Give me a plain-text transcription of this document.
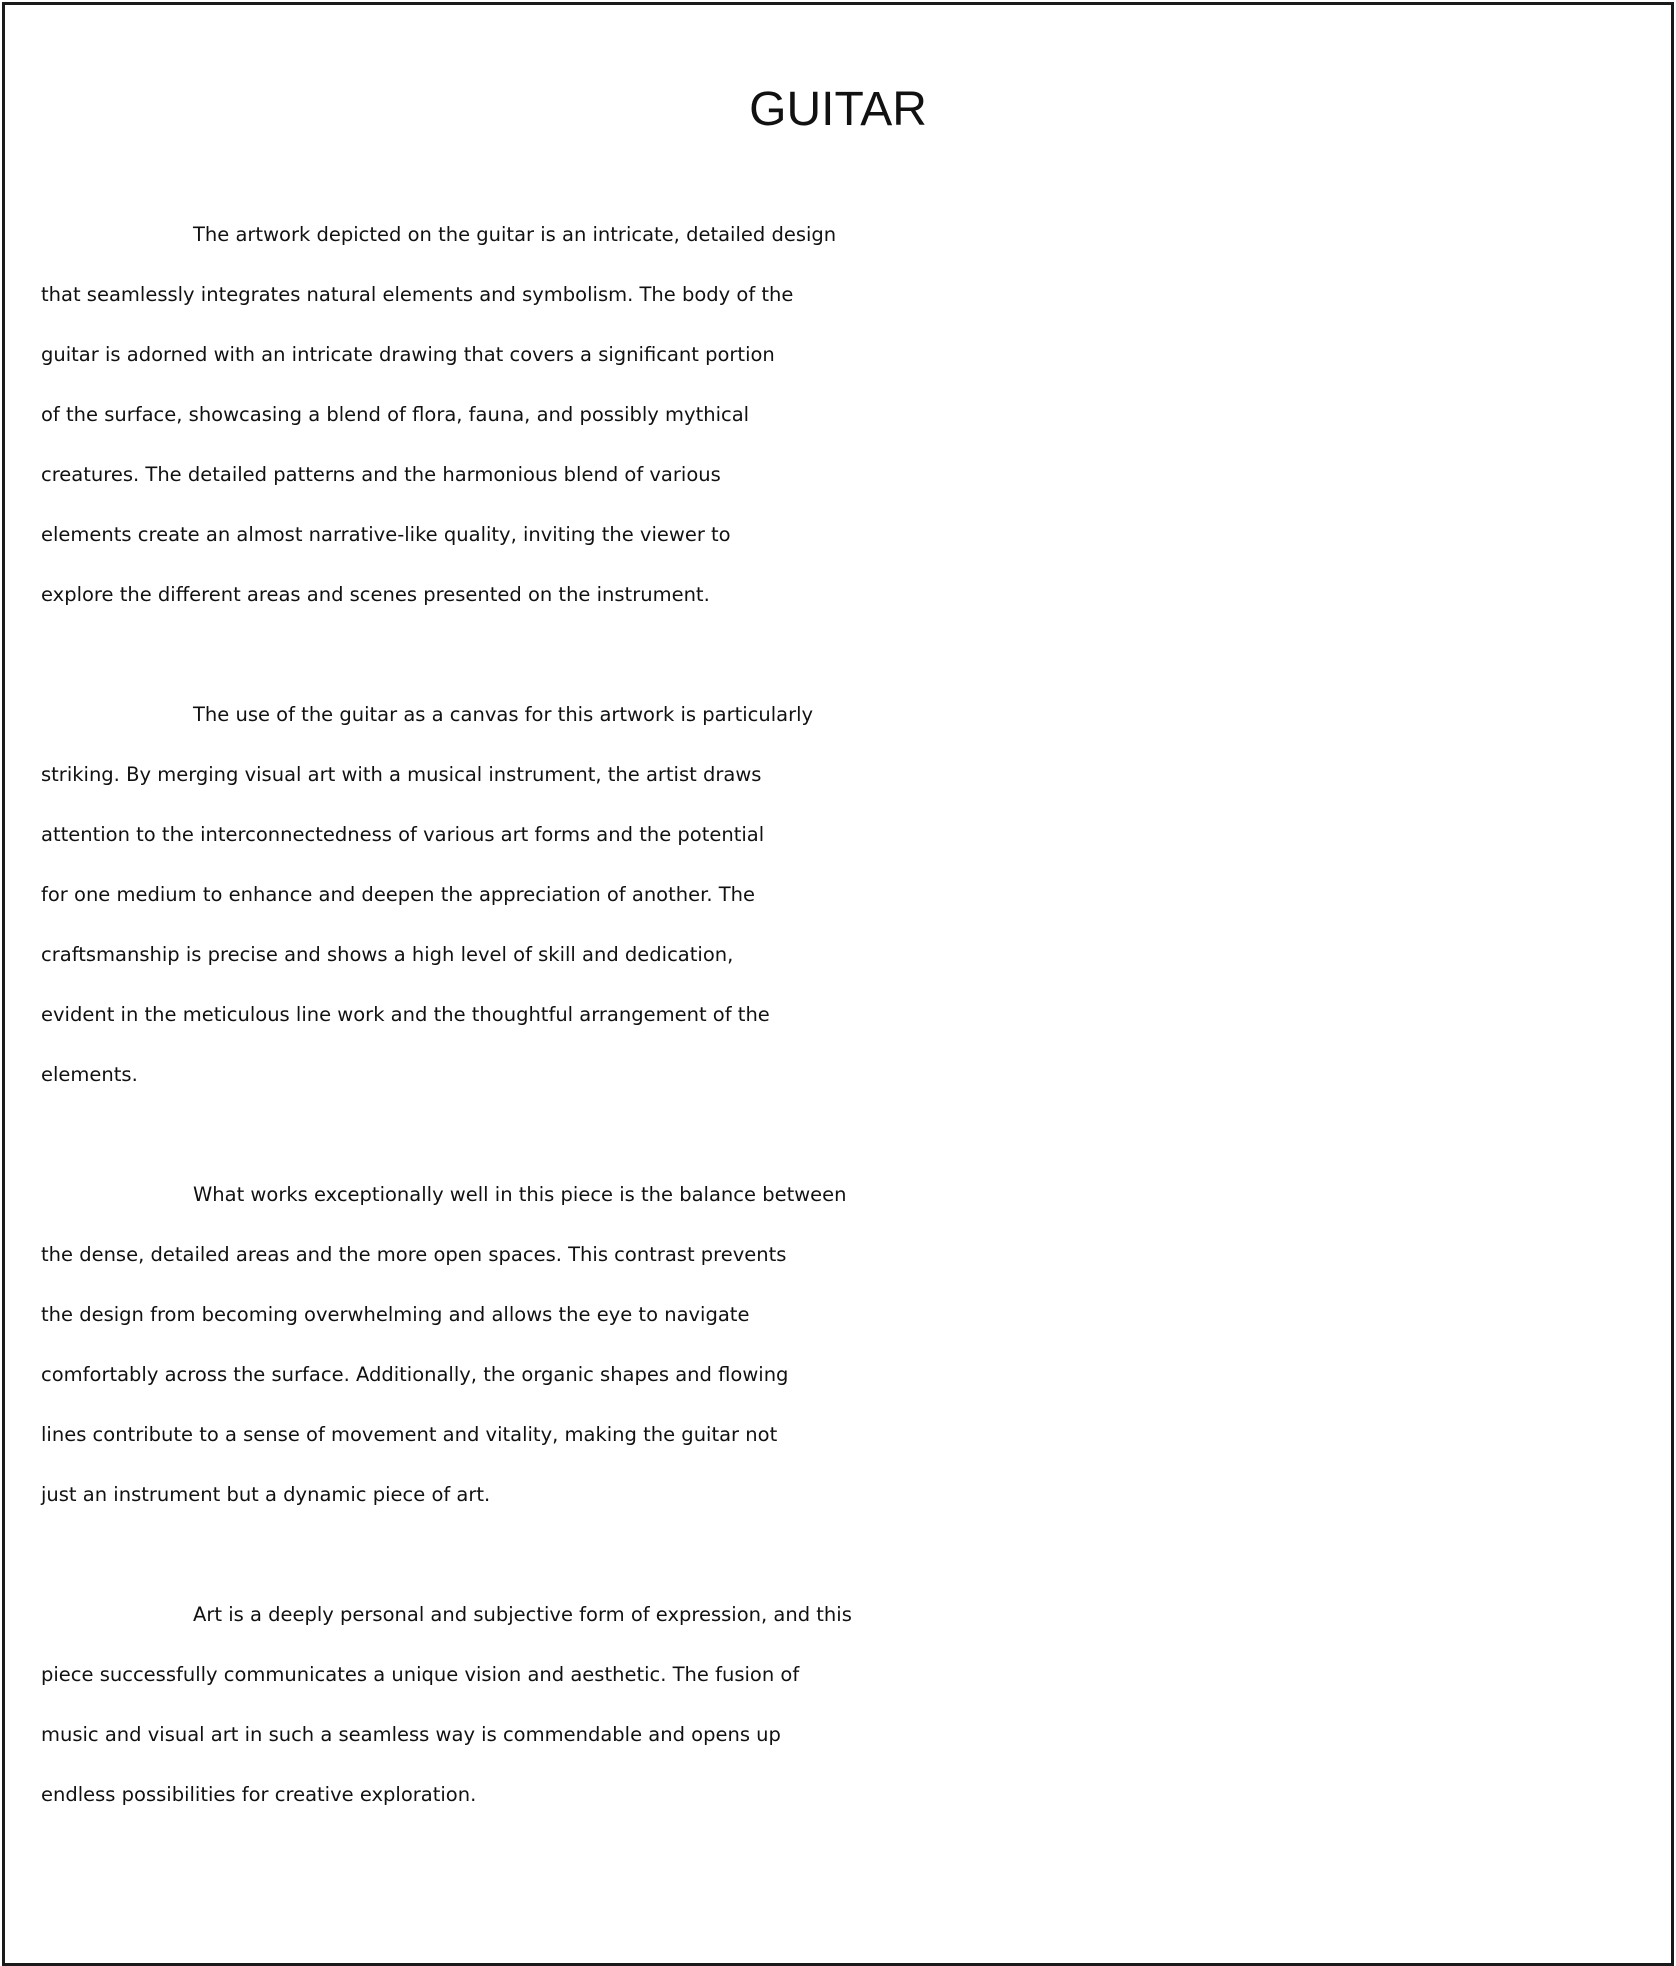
GUITAR

The artwork depicted on the guitar is an intricate, detailed design
that seamlessly integrates natural elements and symbolism. The body of the
guitar is adorned with an intricate drawing that covers a significant portion
of the surface, showcasing a blend of flora, fauna, and possibly mythical
creatures. The detailed patterns and the harmonious blend of various
elements create an almost narrative-like quality, inviting the viewer to
explore the different areas and scenes presented on the instrument.

The use of the guitar as a canvas for this artwork is particularly
striking. By merging visual art with a musical instrument, the artist draws
attention to the interconnectedness of various art forms and the potential
for one medium to enhance and deepen the appreciation of another. The
craftsmanship is precise and shows a high level of skill and dedication,
evident in the meticulous line work and the thoughtful arrangement of the
elements.

What works exceptionally well in this piece is the balance between
the dense, detailed areas and the more open spaces. This contrast prevents
the design from becoming overwhelming and allows the eye to navigate
comfortably across the surface. Additionally, the organic shapes and flowing
lines contribute to a sense of movement and vitality, making the guitar not
just an instrument but a dynamic piece of art.

Art is a deeply personal and subjective form of expression, and this
piece successfully communicates a unique vision and aesthetic. The fusion of
music and visual art in such a seamless way is commendable and opens up
endless possibilities for creative exploration.
